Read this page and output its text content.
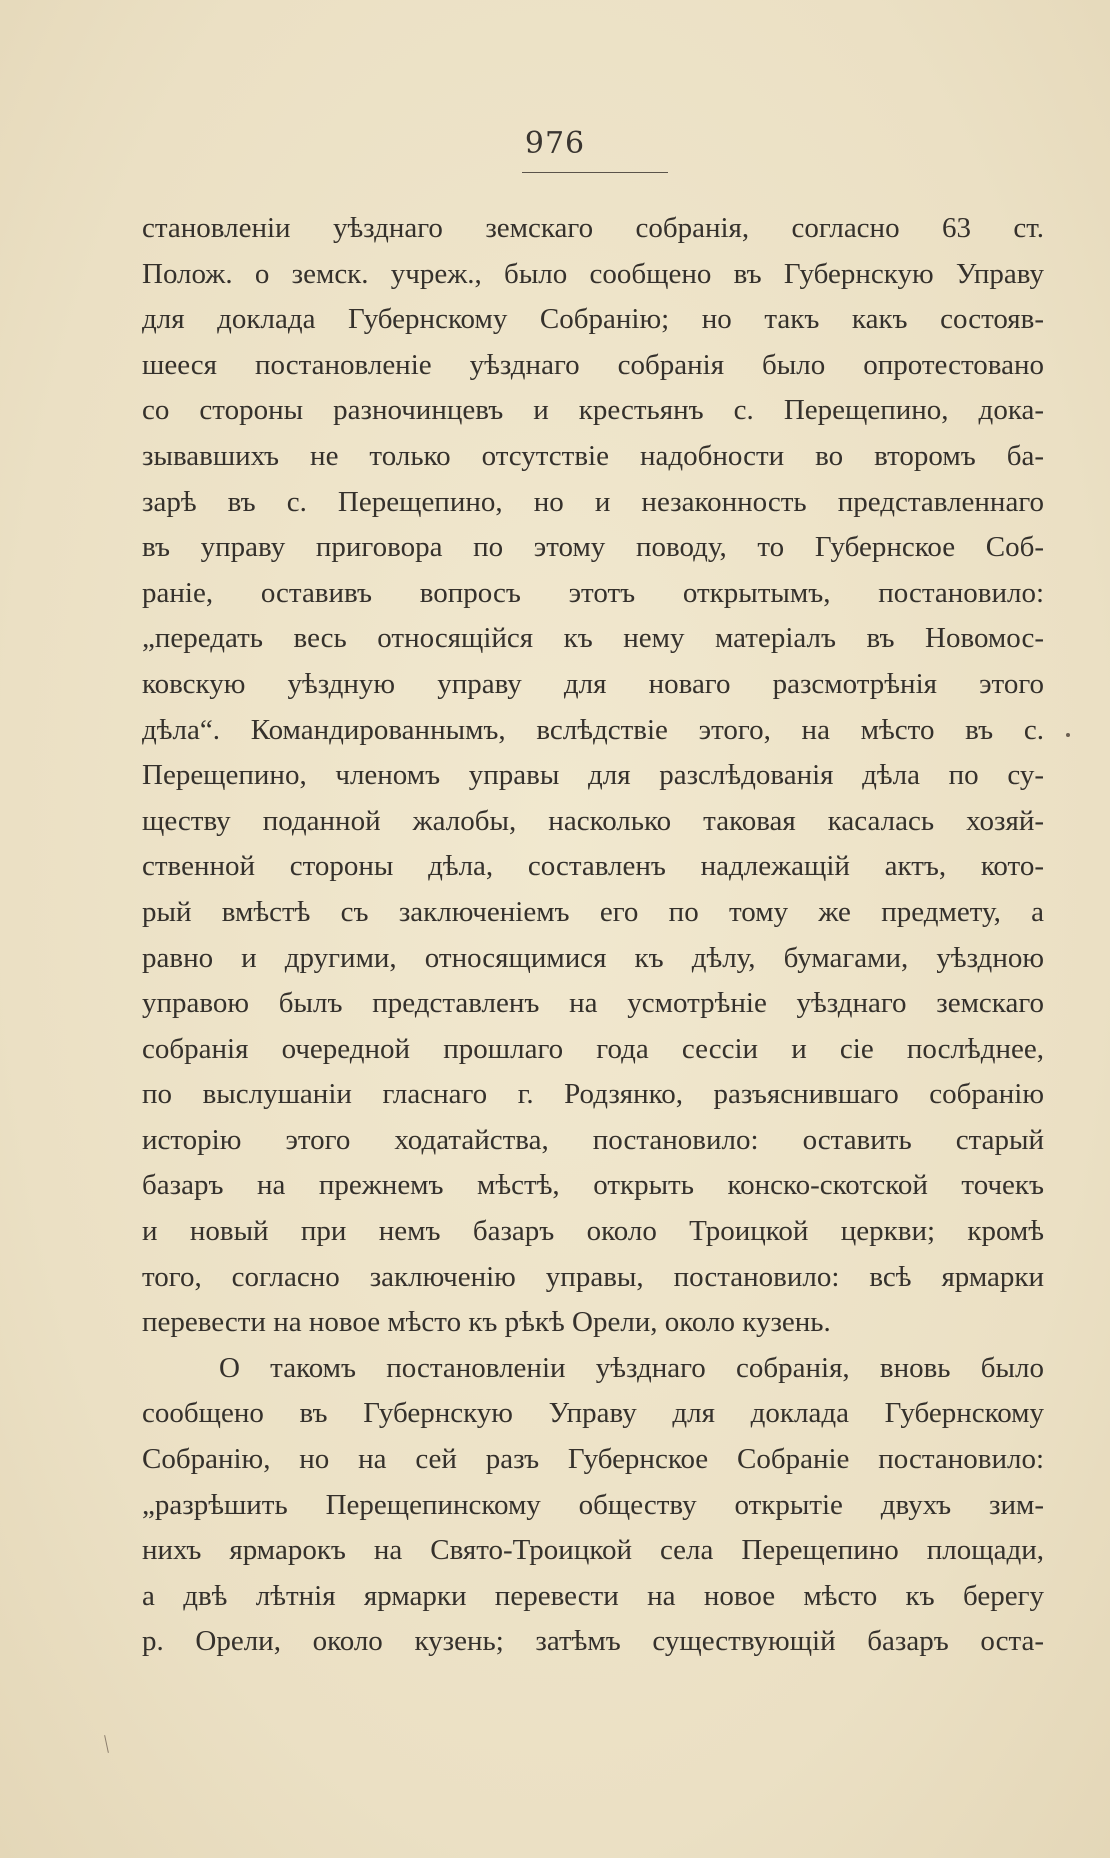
976
становленіи уѣзднаго земскаго собранія, согласно 63 ст.
Полож. о земск. учреж., было сообщено въ Губернскую Управу
для доклада Губернскому Собранію; но такъ какъ состояв-
шееся постановленіе уѣзднаго собранія было опротестовано
со стороны разночинцевъ и крестьянъ с. Перещепино, дока-
зывавшихъ не только отсутствіе надобности во второмъ ба-
зарѣ въ с. Перещепино, но и незаконность представленнаго
въ управу приговора по этому поводу, то Губернское Соб-
раніе, оставивъ вопросъ этотъ открытымъ, постановило:
„передать весь относящійся къ нему матеріалъ въ Новомос-
ковскую уѣздную управу для новаго разсмотрѣнія этого
дѣла“. Командированнымъ, вслѣдствіе этого, на мѣсто въ с.
Перещепино, членомъ управы для разслѣдованія дѣла по су-
ществу поданной жалобы, насколько таковая касалась хозяй-
ственной стороны дѣла, составленъ надлежащій актъ, кото-
рый вмѣстѣ съ заключеніемъ его по тому же предмету, а
равно и другими, относящимися къ дѣлу, бумагами, уѣздною
управою былъ представленъ на усмотрѣніе уѣзднаго земскаго
собранія очередной прошлаго года сессіи и сіе послѣднее,
по выслушаніи гласнаго г. Родзянко, разъяснившаго собранію
исторію этого ходатайства, постановило: оставить старый
базаръ на прежнемъ мѣстѣ, открыть конско-скотской точекъ
и новый при немъ базаръ около Троицкой церкви; кромѣ
того, согласно заключенію управы, постановило: всѣ ярмарки
перевести на новое мѣсто къ рѣкѣ Орели, около кузень.
О такомъ постановленіи уѣзднаго собранія, вновь было
сообщено въ Губернскую Управу для доклада Губернскому
Собранію, но на сей разъ Губернское Собраніе постановило:
„разрѣшить Перещепинскому обществу открытіе двухъ зим-
нихъ ярмарокъ на Свято-Троицкой села Перещепино площади,
а двѣ лѣтнія ярмарки перевести на новое мѣсто къ берегу
р. Орели, около кузень; затѣмъ существующій базаръ оста-
